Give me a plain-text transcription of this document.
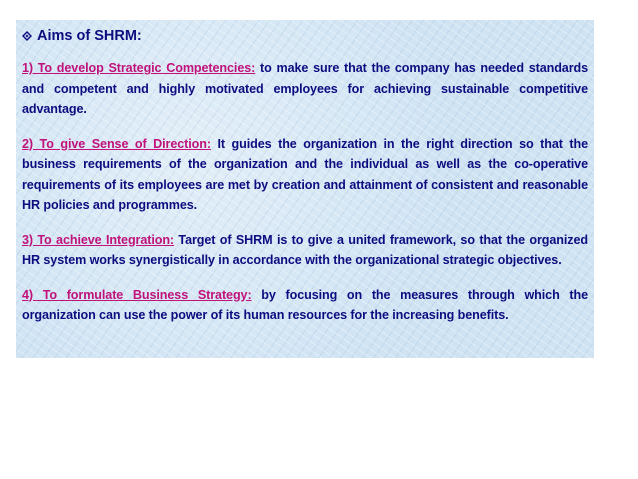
Aims of SHRM:

1) To develop Strategic Competencies: to make sure that the company has needed standards and competent and highly motivated employees for achieving sustainable competitive advantage.

2) To give Sense of Direction: It guides the organization in the right direction so that the business requirements of the organization and the individual as well as the co-operative requirements of its employees are met by creation and attainment of consistent and reasonable HR policies and programmes.

3) To achieve Integration: Target of SHRM is to give a united framework, so that the organized HR system works synergistically in accordance with the organizational strategic objectives.

4) To formulate Business Strategy: by focusing on the measures through which the organization can use the power of its human resources for the increasing benefits.
